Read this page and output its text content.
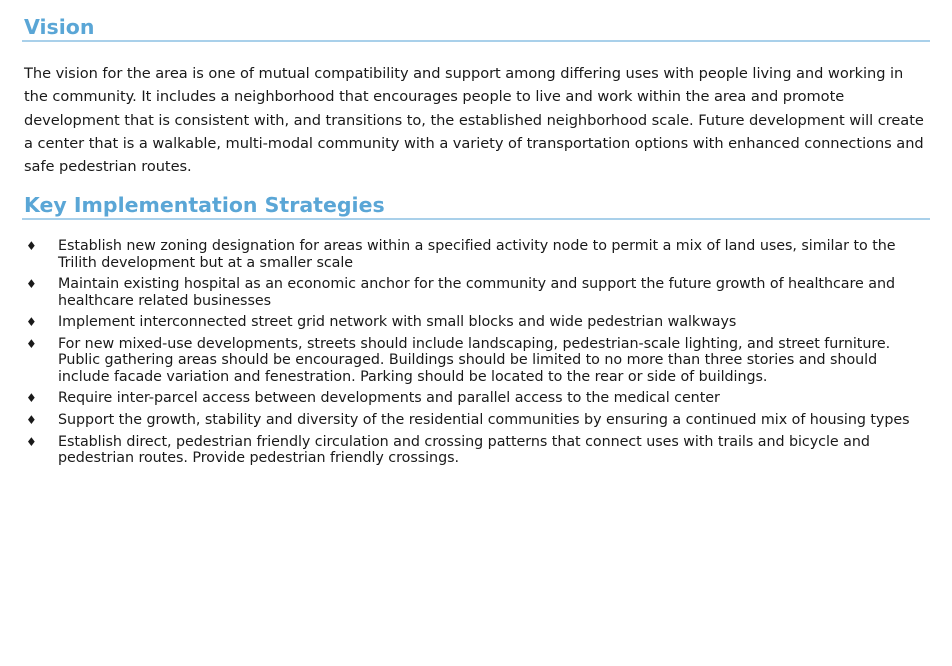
Vision

The vision for the area is one of mutual compatibility and support among differing uses with people living and working in the community. It includes a neighborhood that encourages people to live and work within the area and promote development that is consistent with, and transitions to, the established neighborhood scale. Future development will create a center that is a walkable, multi-modal community with a variety of transportation options with enhanced connections and safe pedestrian routes.

Key Implementation Strategies
♦ Establish new zoning designation for areas within a specified activity node to permit a mix of land uses, similar to the Trilith development but at a smaller scale
♦ Maintain existing hospital as an economic anchor for the community and support the future growth of healthcare and healthcare related businesses
♦ Implement interconnected street grid network with small blocks and wide pedestrian walkways
♦ For new mixed-use developments, streets should include landscaping, pedestrian-scale lighting, and street furniture. Public gathering areas should be encouraged. Buildings should be limited to no more than three stories and should include facade variation and fenestration. Parking should be located to the rear or side of buildings.
♦ Require inter-parcel access between developments and parallel access to the medical center
♦ Support the growth, stability and diversity of the residential communities by ensuring a continued mix of housing types
♦ Establish direct, pedestrian friendly circulation and crossing patterns that connect uses with trails and bicycle and pedestrian routes. Provide pedestrian friendly crossings.
